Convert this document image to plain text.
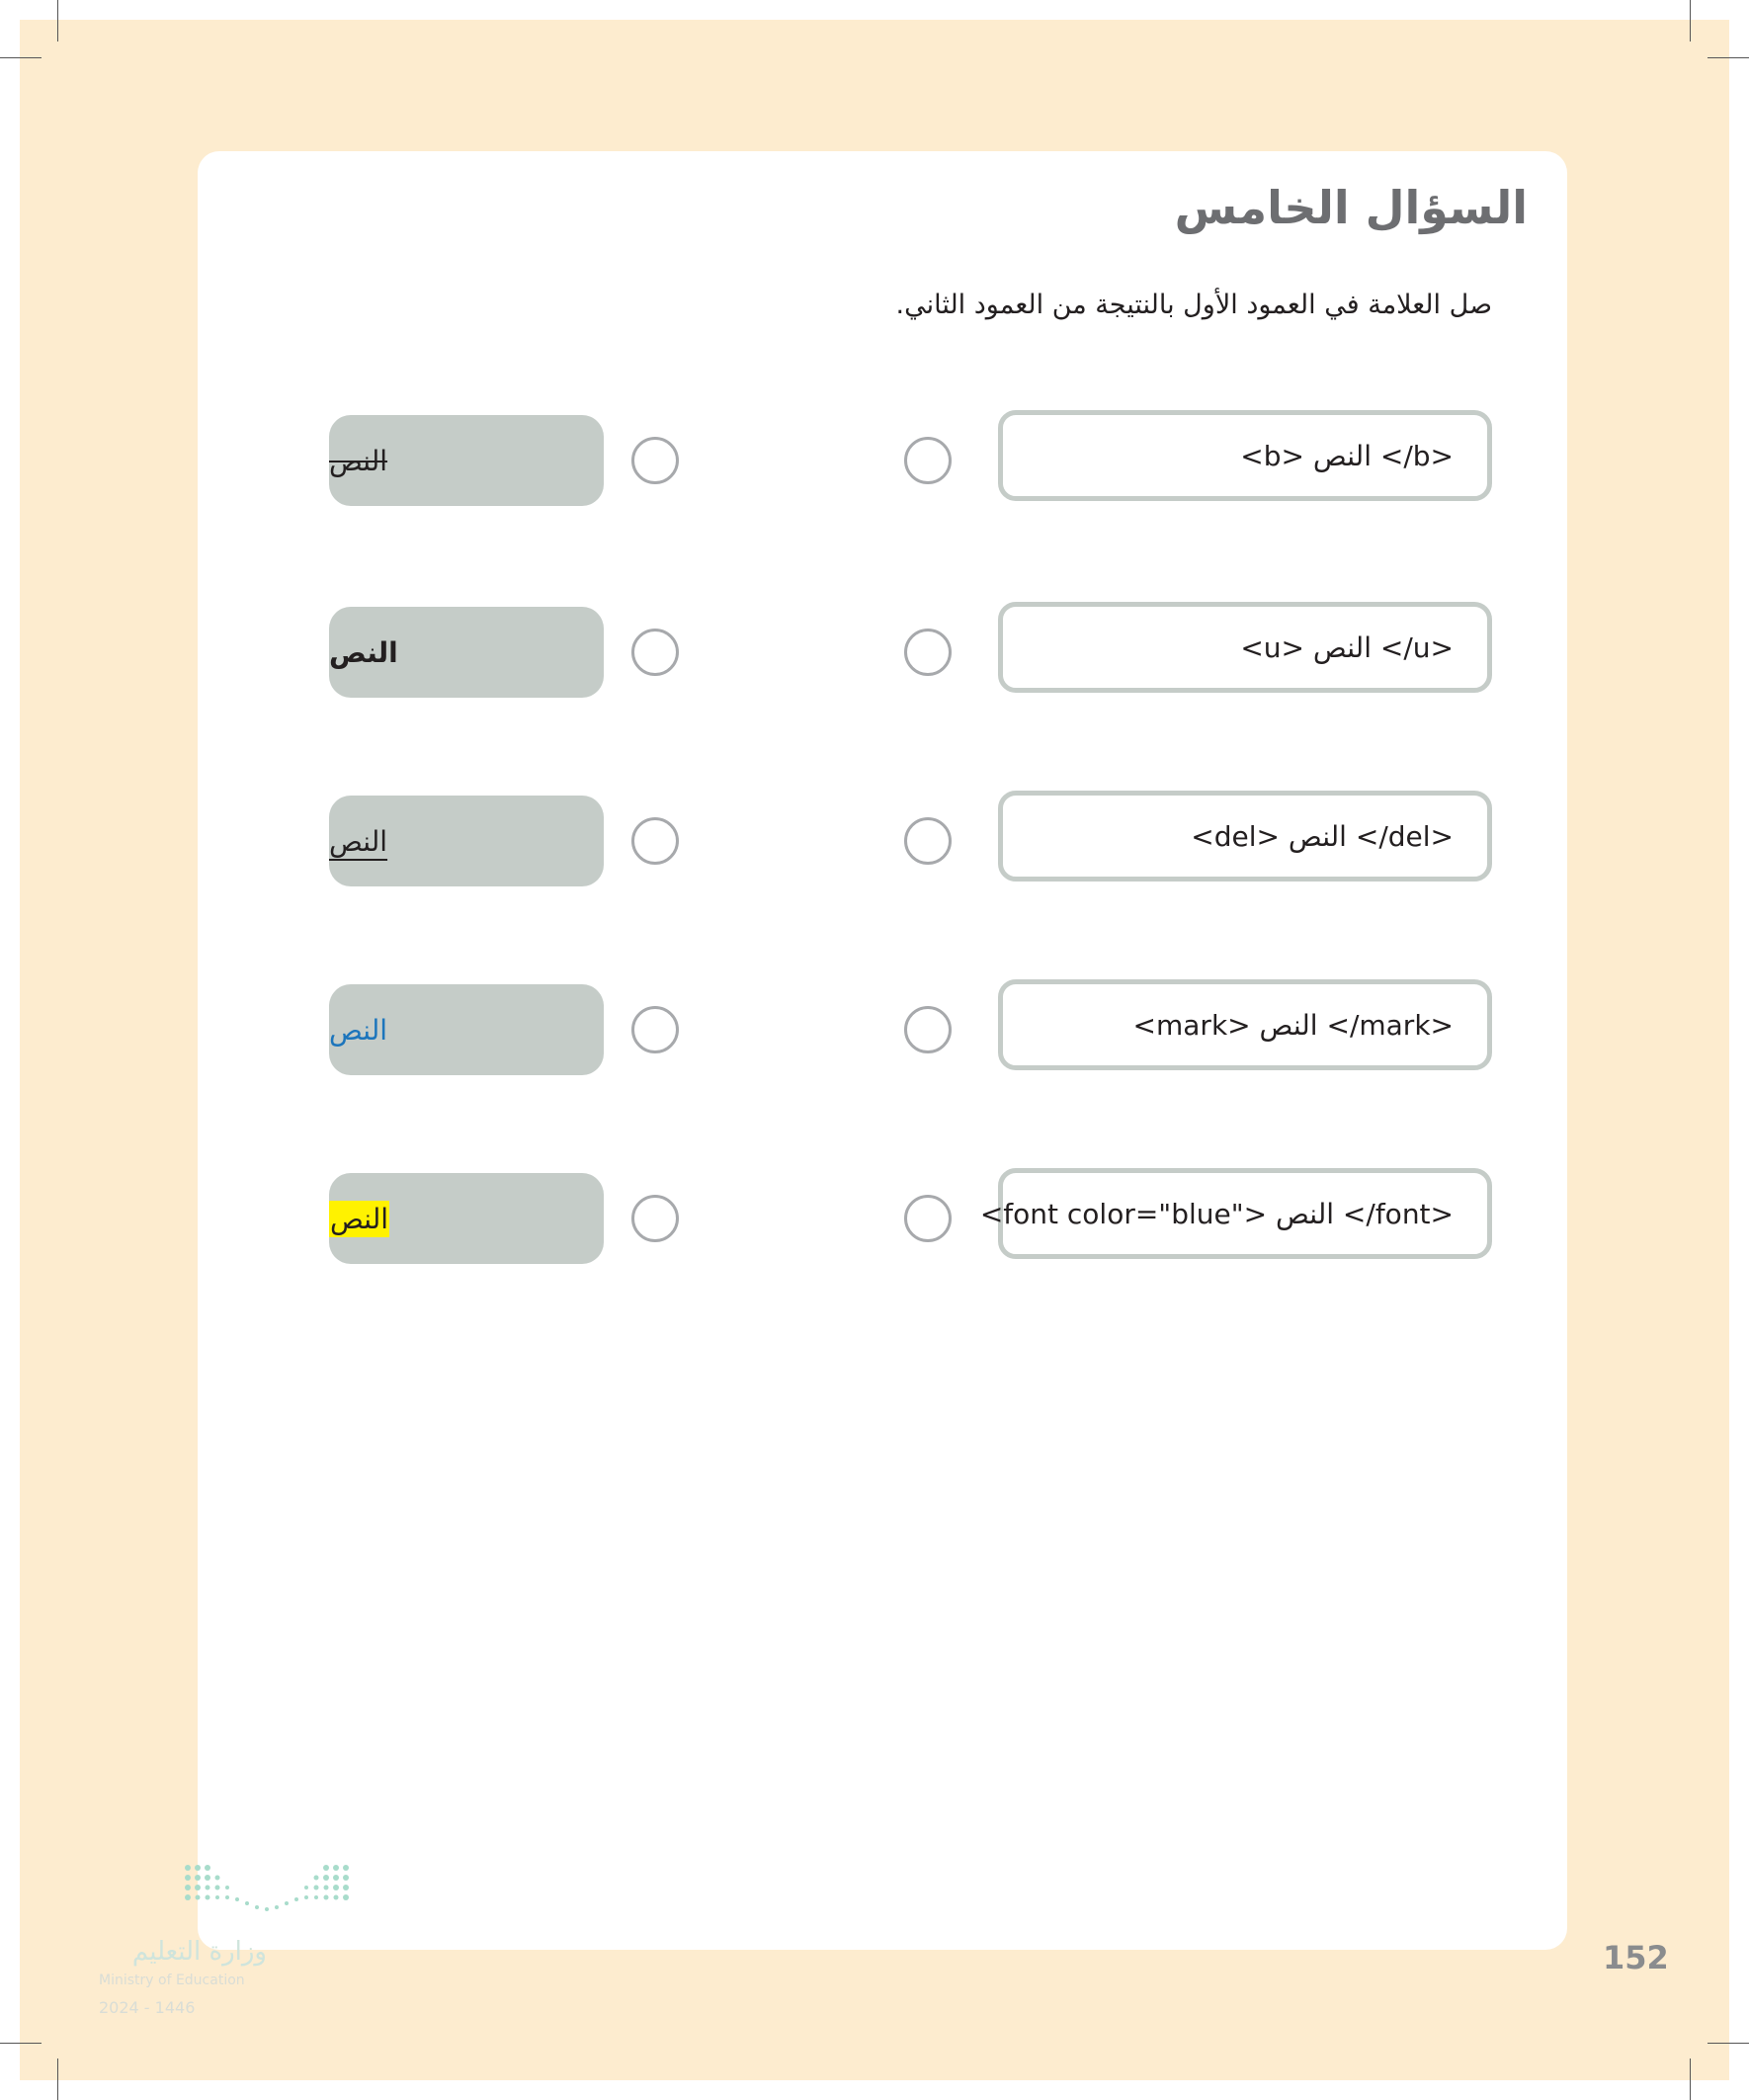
السؤال الخامس
صل العلامة في العمود الأول بالنتيجة من العمود الثاني.
<b> النص </b>
النص
<u> النص </u>
النص
<del> النص </del>
النص
<mark> النص </mark>
النص
<font color="blue"> النص </font>
النص
152
وزارة التعليم
Ministry of Education
2024 - 1446
